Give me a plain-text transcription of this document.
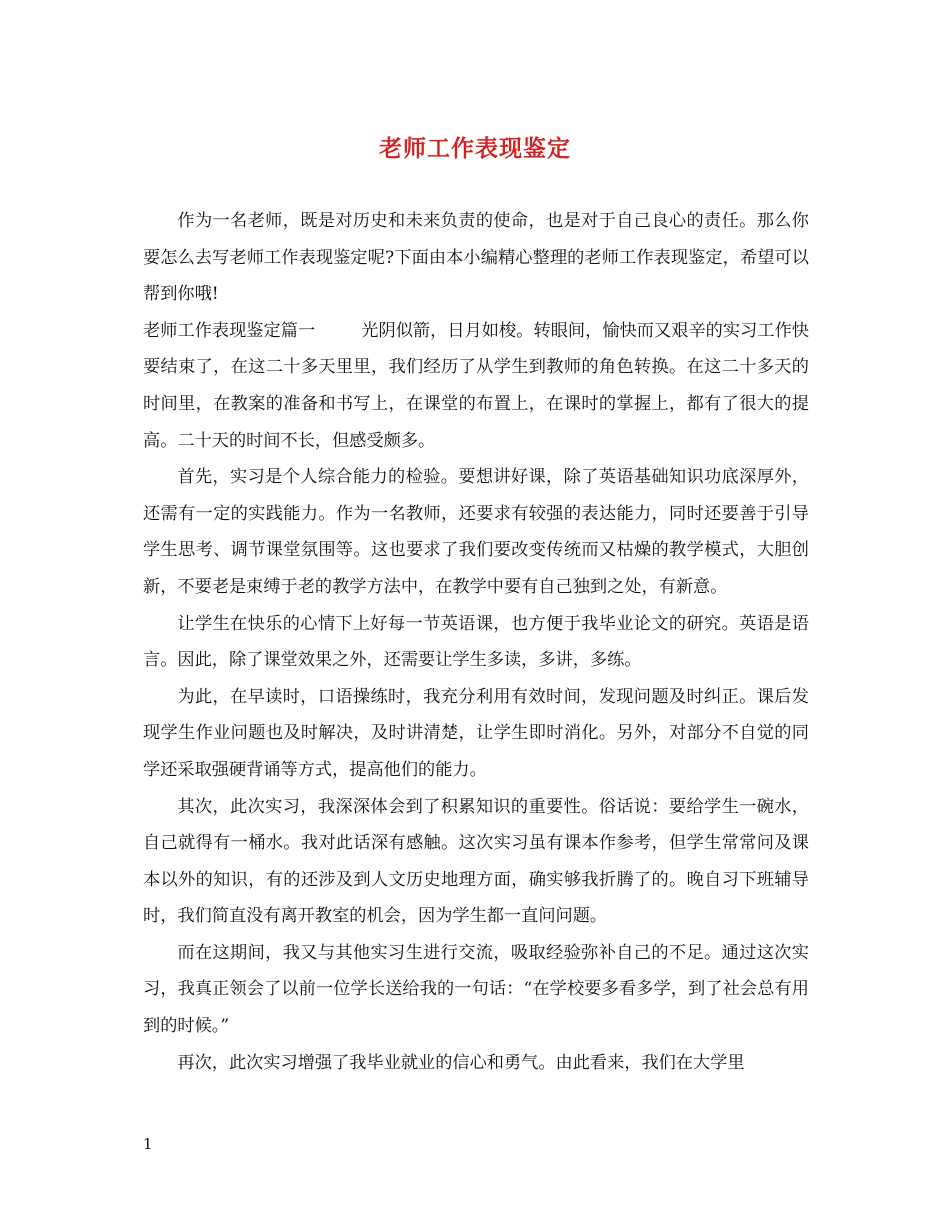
老师工作表现鉴定

作为一名老师，既是对历史和未来负责的使命，也是对于自己良心的责任。那么你要怎么去写老师工作表现鉴定呢?下面由本小编精心整理的老师工作表现鉴定，希望可以帮到你哦!

老师工作表现鉴定篇一	光阴似箭，日月如梭。转眼间，愉快而又艰辛的实习工作快要结束了，在这二十多天里里，我们经历了从学生到教师的角色转换。在这二十多天的时间里，在教案的准备和书写上，在课堂的布置上，在课时的掌握上，都有了很大的提高。二十天的时间不长，但感受颇多。

首先，实习是个人综合能力的检验。要想讲好课，除了英语基础知识功底深厚外，还需有一定的实践能力。作为一名教师，还要求有较强的表达能力，同时还要善于引导学生思考、调节课堂氛围等。这也要求了我们要改变传统而又枯燥的教学模式，大胆创新，不要老是束缚于老的教学方法中，在教学中要有自己独到之处，有新意。

让学生在快乐的心情下上好每一节英语课，也方便于我毕业论文的研究。英语是语言。因此，除了课堂效果之外，还需要让学生多读，多讲，多练。

为此，在早读时，口语操练时，我充分利用有效时间，发现问题及时纠正。课后发现学生作业问题也及时解决，及时讲清楚，让学生即时消化。另外，对部分不自觉的同学还采取强硬背诵等方式，提高他们的能力。

其次，此次实习，我深深体会到了积累知识的重要性。俗话说：要给学生一碗水，自己就得有一桶水。我对此话深有感触。这次实习虽有课本作参考，但学生常常问及课本以外的知识，有的还涉及到人文历史地理方面，确实够我折腾了的。晚自习下班辅导时，我们简直没有离开教室的机会，因为学生都一直问问题。

而在这期间，我又与其他实习生进行交流，吸取经验弥补自己的不足。通过这次实习，我真正领会了以前一位学长送给我的一句话：“在学校要多看多学，到了社会总有用到的时候。”

再次，此次实习增强了我毕业就业的信心和勇气。由此看来，我们在大学里

1
